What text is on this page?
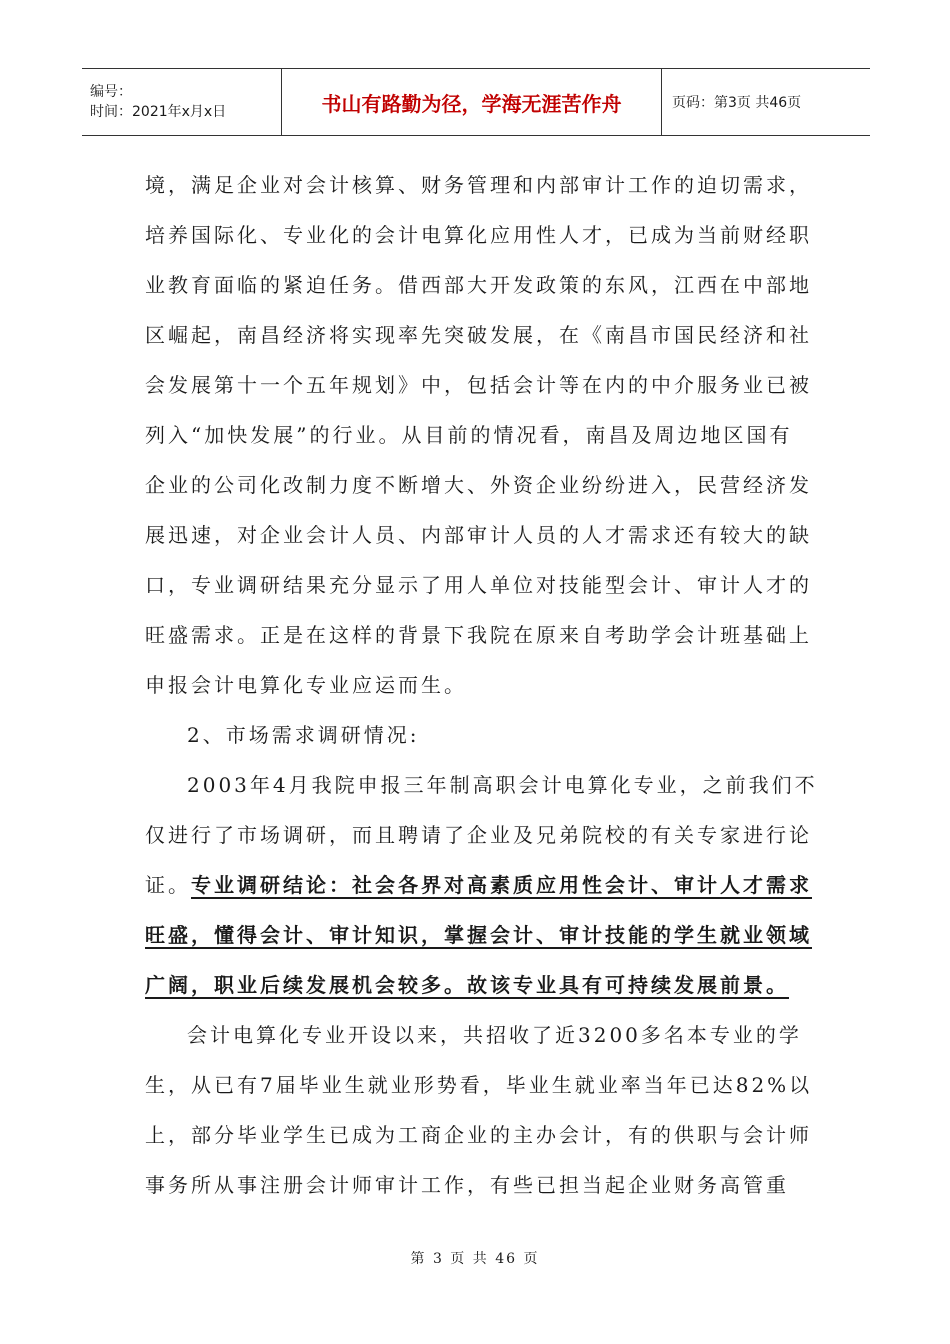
编号：
时间：2021年x月x日	书山有路勤为径，学海无涯苦作舟	页码：第3页 共46页

境，满足企业对会计核算、财务管理和内部审计工作的迫切需求，

培养国际化、专业化的会计电算化应用性人才，已成为当前财经职

业教育面临的紧迫任务。借西部大开发政策的东风，江西在中部地

区崛起，南昌经济将实现率先突破发展，在《南昌市国民经济和社

会发展第十一个五年规划》中，包括会计等在内的中介服务业已被

列入“加快发展”的行业。从目前的情况看，南昌及周边地区国有

企业的公司化改制力度不断增大、外资企业纷纷进入，民营经济发

展迅速，对企业会计人员、内部审计人员的人才需求还有较大的缺

口，专业调研结果充分显示了用人单位对技能型会计、审计人才的

旺盛需求。正是在这样的背景下我院在原来自考助学会计班基础上

申报会计电算化专业应运而生。

2、市场需求调研情况:

2003年4月我院申报三年制高职会计电算化专业，之前我们不

仅进行了市场调研，而且聘请了企业及兄弟院校的有关专家进行论

证。专业调研结论：社会各界对高素质应用性会计、审计人才需求

旺盛，懂得会计、审计知识，掌握会计、审计技能的学生就业领域

广阔，职业后续发展机会较多。故该专业具有可持续发展前景。

会计电算化专业开设以来，共招收了近3200多名本专业的学

生，从已有7届毕业生就业形势看，毕业生就业率当年已达82%以

上，部分毕业学生已成为工商企业的主办会计，有的供职与会计师

事务所从事注册会计师审计工作，有些已担当起企业财务高管重

第 3 页 共 46 页
